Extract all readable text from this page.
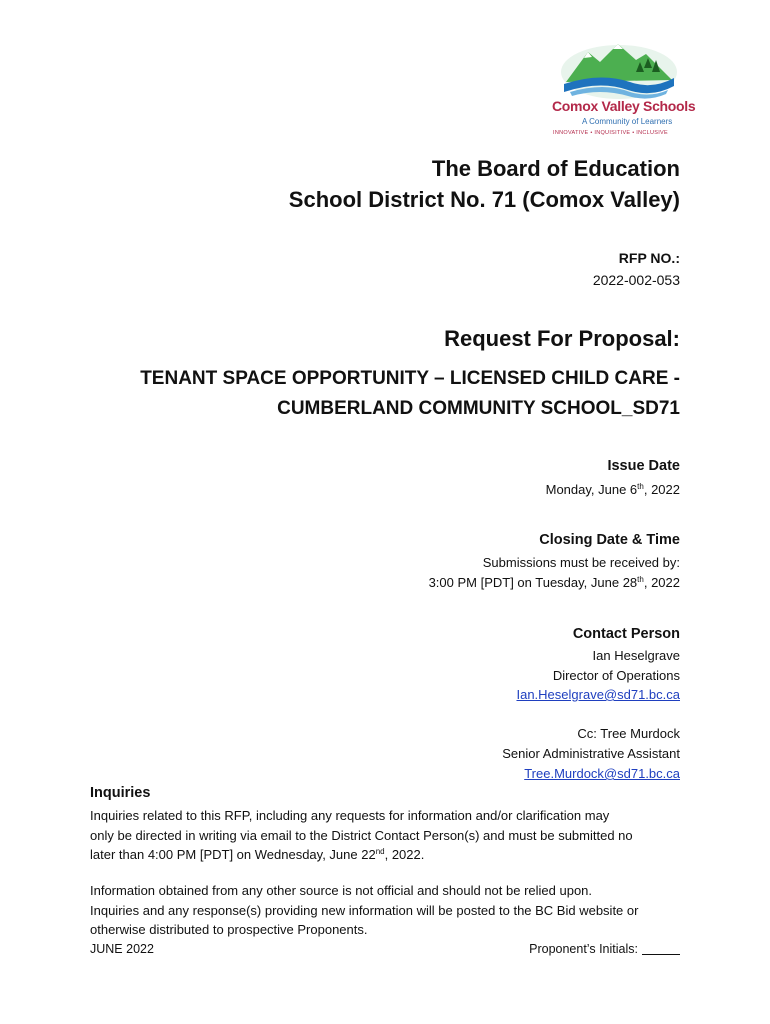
Comox Valley Schools
A Community of Learners
INNOVATIVE • INQUISITIVE • INCLUSIVE
The Board of Education
School District No. 71 (Comox Valley)
RFP NO.:
2022-002-053
Request For Proposal:
TENANT SPACE OPPORTUNITY – LICENSED CHILD CARE -
CUMBERLAND COMMUNITY SCHOOL_SD71
Issue Date
Monday, June 6th, 2022
Closing Date & Time
Submissions must be received by:
3:00 PM [PDT] on Tuesday, June 28th, 2022
Contact Person
Ian Heselgrave
Director of Operations
Ian.Heselgrave@sd71.bc.ca
Cc: Tree Murdock
Senior Administrative Assistant
Tree.Murdock@sd71.bc.ca
Inquiries
Inquiries related to this RFP, including any requests for information and/or clarification may
only be directed in writing via email to the District Contact Person(s) and must be submitted no
later than 4:00 PM [PDT] on Wednesday, June 22nd, 2022.
Information obtained from any other source is not official and should not be relied upon.
Inquiries and any response(s) providing new information will be posted to the BC Bid website or
otherwise distributed to prospective Proponents.
JUNE 2022	Proponent’s Initials:
